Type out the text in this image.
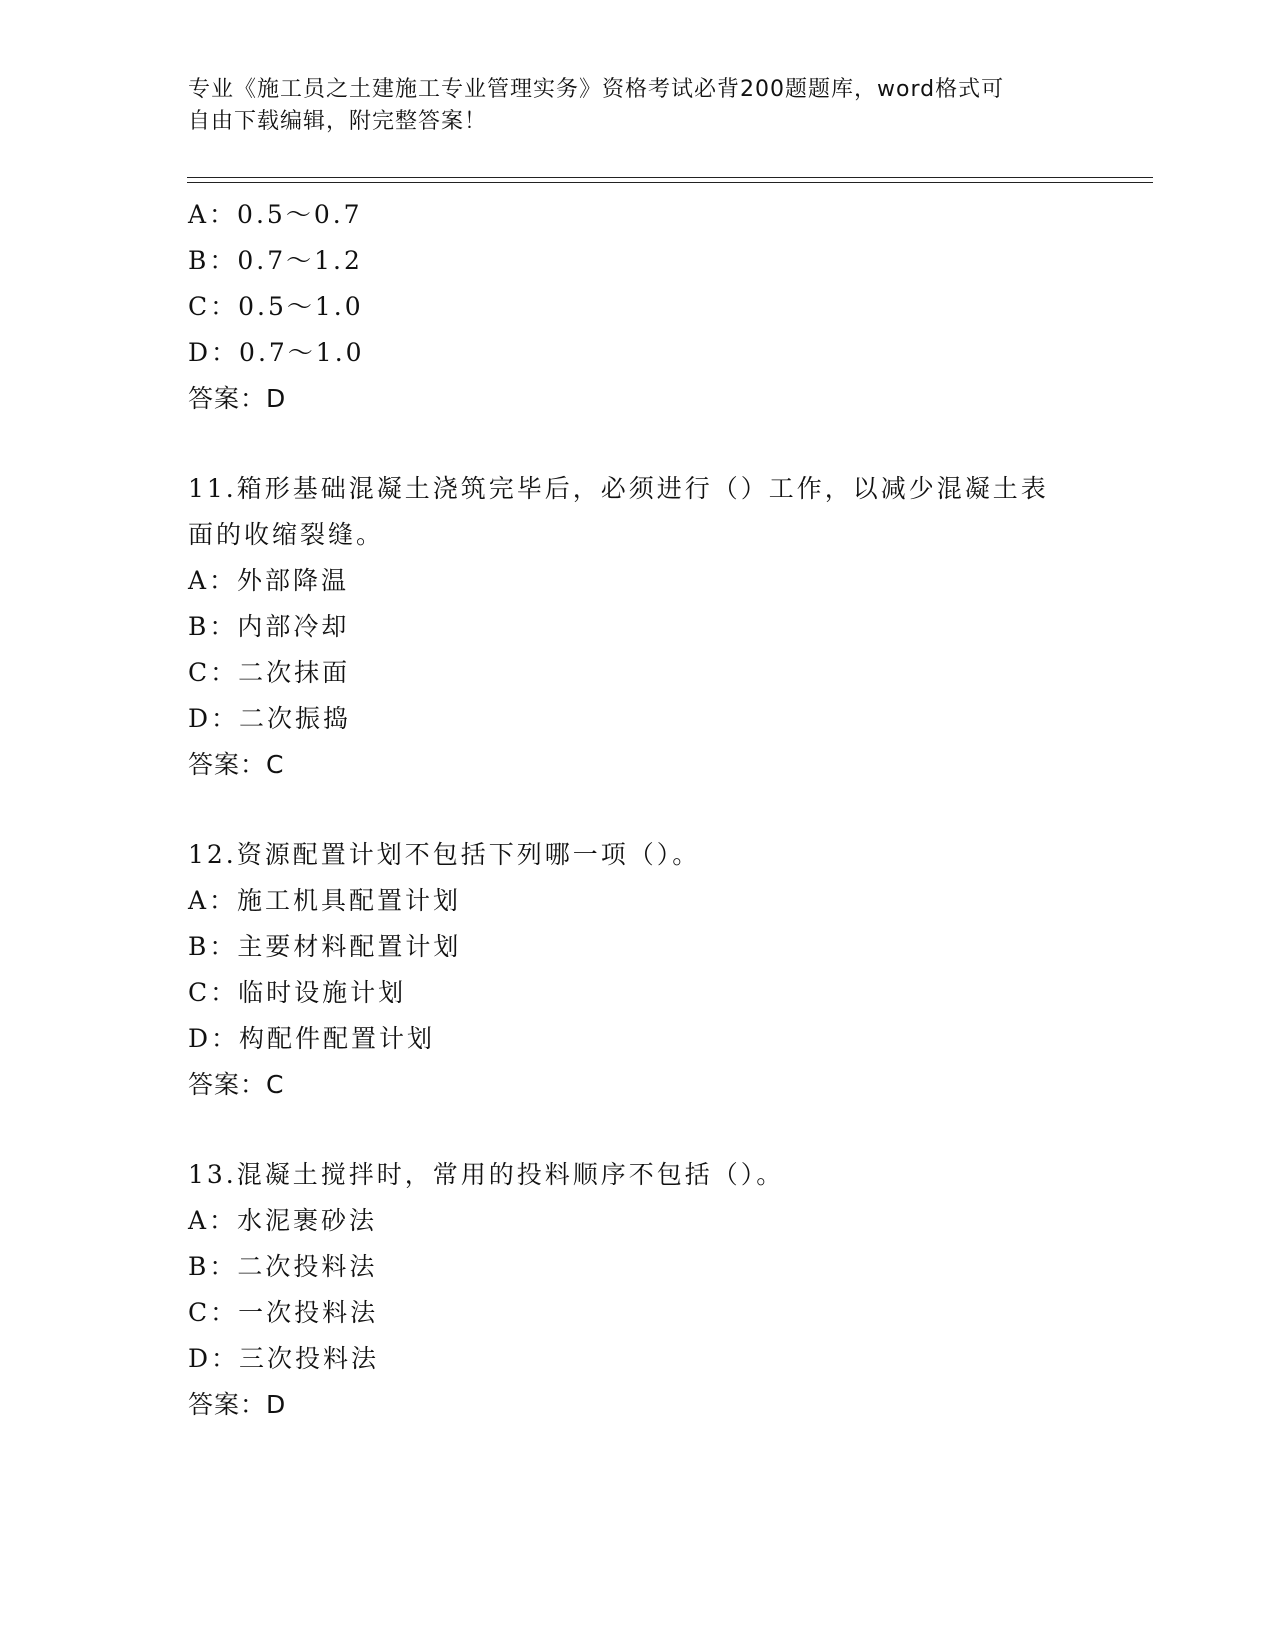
专业《施工员之土建施工专业管理实务》资格考试必背200题题库，word格式可
自由下载编辑，附完整答案！
A：0.5～0.7
B：0.7～1.2
C：0.5～1.0
D：0.7～1.0
答案：D
11.箱形基础混凝土浇筑完毕后，必须进行（）工作，以减少混凝土表
面的收缩裂缝。
A：外部降温
B：内部冷却
C：二次抹面
D：二次振捣
答案：C
12.资源配置计划不包括下列哪一项（）。
A：施工机具配置计划
B：主要材料配置计划
C：临时设施计划
D：构配件配置计划
答案：C
13.混凝土搅拌时，常用的投料顺序不包括（）。
A：水泥裹砂法
B：二次投料法
C：一次投料法
D：三次投料法
答案：D
